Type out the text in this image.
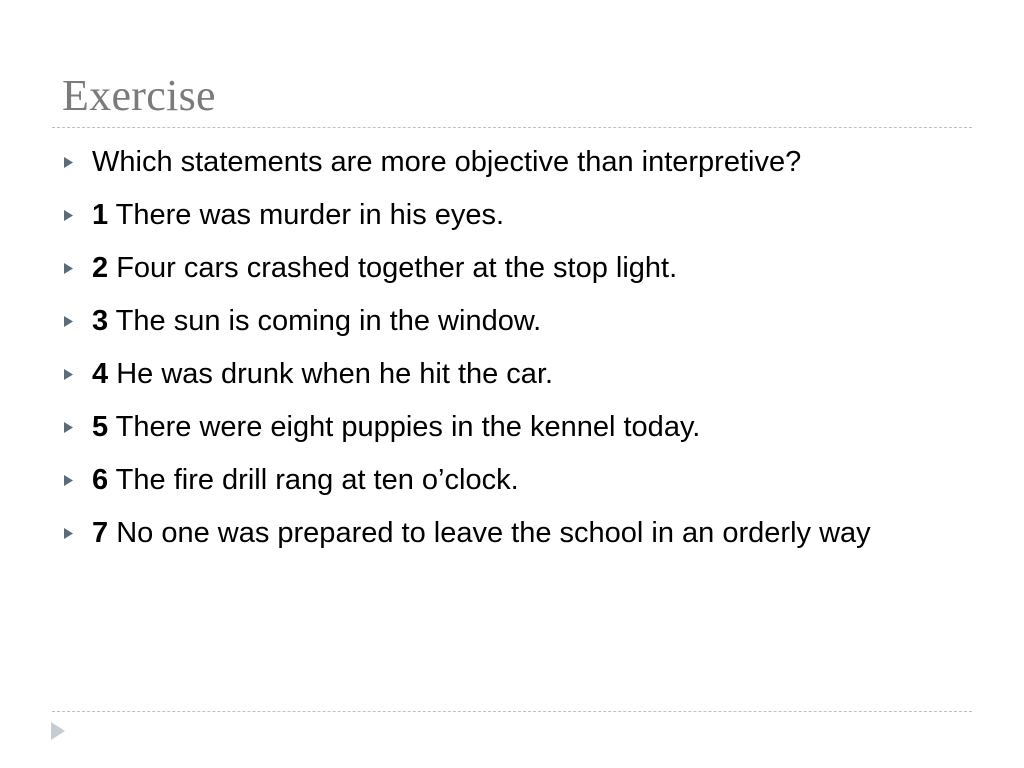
Exercise
Which statements are more objective than interpretive?
1 There was murder in his eyes.
2 Four cars crashed together at the stop light.
3 The sun is coming in the window.
4 He was drunk when he hit the car.
5 There were eight puppies in the kennel today.
6 The fire drill rang at ten o’clock.
7 No one was prepared to leave the school in an orderly way
